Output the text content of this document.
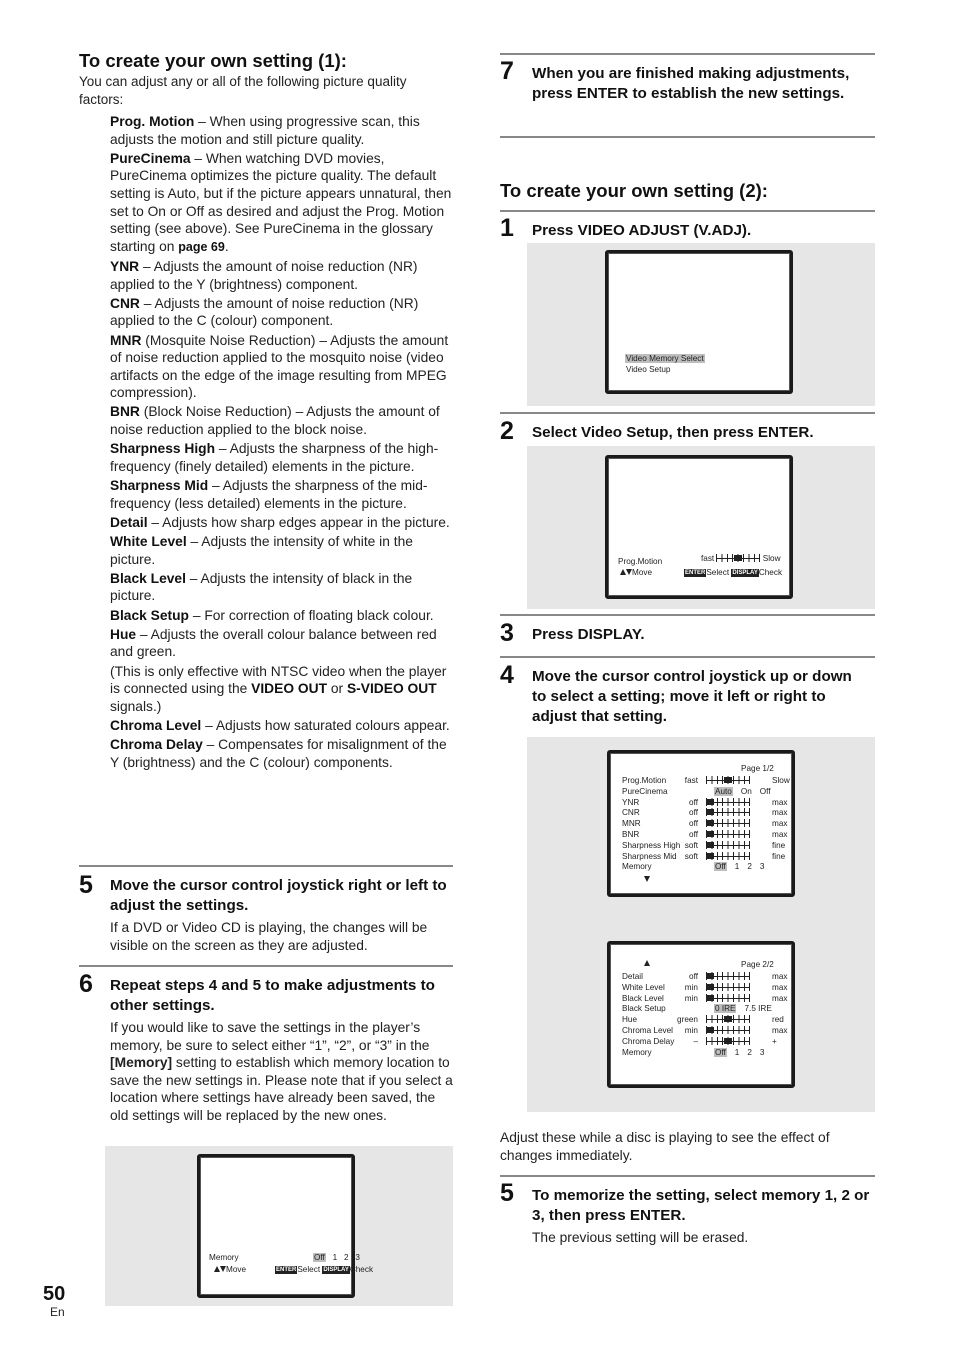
To create your own setting (1):
You can adjust any or all of the following picture quality factors:

Prog. Motion – When using progressive scan, this adjusts the motion and still picture quality.

PureCinema – When watching DVD movies, PureCinema optimizes the picture quality. The default setting is Auto, but if the picture appears unnatural, then set to On or Off as desired and adjust the Prog. Motion setting (see above). See PureCinema in the glossary starting on page 69.

YNR – Adjusts the amount of noise reduction (NR) applied to the Y (brightness) component.

CNR – Adjusts the amount of noise reduction (NR) applied to the C (colour) component.

MNR (Mosquite Noise Reduction) – Adjusts the amount of noise reduction applied to the mosquito noise (video artifacts on the edge of the image resulting from MPEG compression).

BNR (Block Noise Reduction) – Adjusts the amount of noise reduction applied to the block noise.

Sharpness High – Adjusts the sharpness of the high-frequency (finely detailed) elements in the picture.

Sharpness Mid – Adjusts the sharpness of the mid-frequency (less detailed) elements in the picture.

Detail – Adjusts how sharp edges appear in the picture.

White Level – Adjusts the intensity of white in the picture.

Black Level – Adjusts the intensity of black in the picture.

Black Setup – For correction of floating black colour.

Hue – Adjusts the overall colour balance between red and green.

(This is only effective with NTSC video when the player is connected using the VIDEO OUT or S-VIDEO OUT signals.)

Chroma Level – Adjusts how saturated colours appear.

Chroma Delay – Compensates for misalignment of the Y (brightness) and the C (colour) components.

5 Move the cursor control joystick right or left to adjust the settings.
If a DVD or Video CD is playing, the changes will be visible on the screen as they are adjusted.
6 Repeat steps 4 and 5 to make adjustments to other settings.
If you would like to save the settings in the player’s memory, be sure to select either “1”, “2”, or “3” in the [Memory] setting to establish which memory location to save the new settings in. Please note that if you select a location where settings have already been saved, the old settings will be replaced by the new ones.
Memory	Off 1 2 3
Move	ENTERSelect DISPLAYCheck
50
En
7 When you are finished making adjustments, press ENTER to establish the new settings.
To create your own setting (2):
1 Press VIDEO ADJUST (V.ADJ).
Video Memory Select
Video Setup
2 Select Video Setup, then press ENTER.
Prog.Motion	fast	Slow
Move	ENTERSelect DISPLAYCheck
3 Press DISPLAY.
4 Move the cursor control joystick up or down to select a setting; move it left or right to adjust that setting.
Page 1/2
Prog.Motion fast	Slow
PureCinema	Auto On Off
YNR	off	max
CNR	off	max
MNR	off	max
BNR	off	max
Sharpness High soft	fine
Sharpness Mid soft	fine
Memory	Off 1 2 3
Page 2/2
Detail	off	max
White Level min	max
Black Level	min	max
Black Setup	0 IRE 7.5 IRE
Hue	green	red
Chroma Level min	max
Chroma Delay –	+
Memory	Off 1 2 3
Adjust these while a disc is playing to see the effect of changes immediately.
5 To memorize the setting, select memory 1, 2 or 3, then press ENTER.
The previous setting will be erased.
